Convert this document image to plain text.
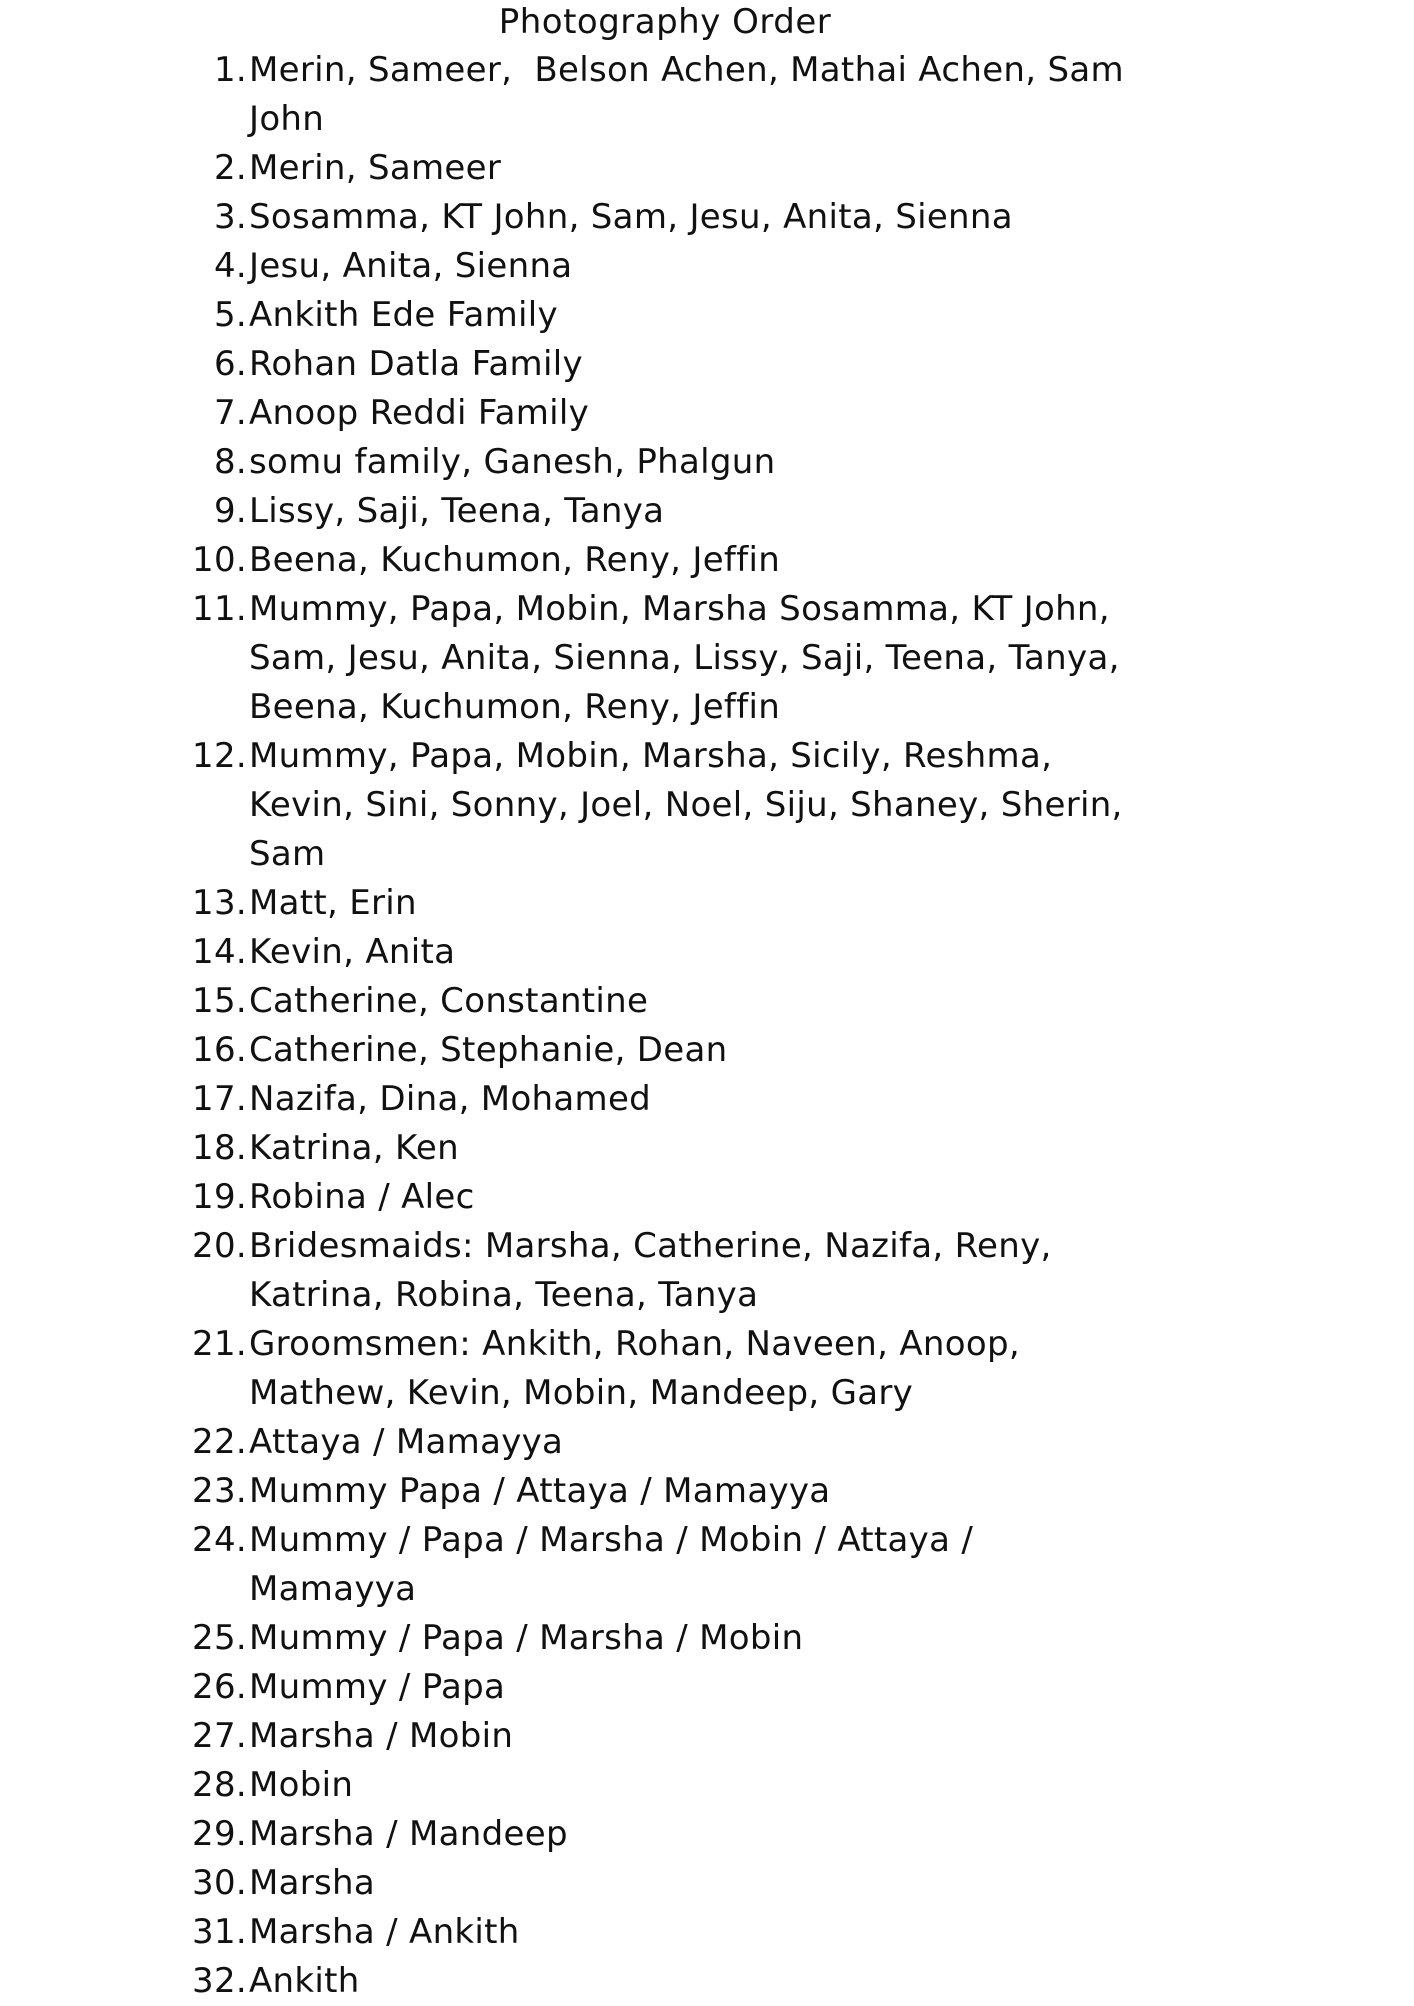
Photography Order
1. Merin, Sameer,  Belson Achen, Mathai Achen, Sam
John
2. Merin, Sameer
3. Sosamma, KT John, Sam, Jesu, Anita, Sienna
4. Jesu, Anita, Sienna
5. Ankith Ede Family
6. Rohan Datla Family
7. Anoop Reddi Family
8. somu family, Ganesh, Phalgun
9. Lissy, Saji, Teena, Tanya
10. Beena, Kuchumon, Reny, Jeffin
11. Mummy, Papa, Mobin, Marsha Sosamma, KT John,
Sam, Jesu, Anita, Sienna, Lissy, Saji, Teena, Tanya,
Beena, Kuchumon, Reny, Jeffin
12. Mummy, Papa, Mobin, Marsha, Sicily, Reshma,
Kevin, Sini, Sonny, Joel, Noel, Siju, Shaney, Sherin,
Sam
13. Matt, Erin
14. Kevin, Anita
15. Catherine, Constantine
16. Catherine, Stephanie, Dean
17. Nazifa, Dina, Mohamed
18. Katrina, Ken
19. Robina / Alec
20. Bridesmaids: Marsha, Catherine, Nazifa, Reny,
Katrina, Robina, Teena, Tanya
21. Groomsmen: Ankith, Rohan, Naveen, Anoop,
Mathew, Kevin, Mobin, Mandeep, Gary
22. Attaya / Mamayya
23. Mummy Papa / Attaya / Mamayya
24. Mummy / Papa / Marsha / Mobin / Attaya /
Mamayya
25. Mummy / Papa / Marsha / Mobin
26. Mummy / Papa
27. Marsha / Mobin
28. Mobin
29. Marsha / Mandeep
30. Marsha
31. Marsha / Ankith
32. Ankith
